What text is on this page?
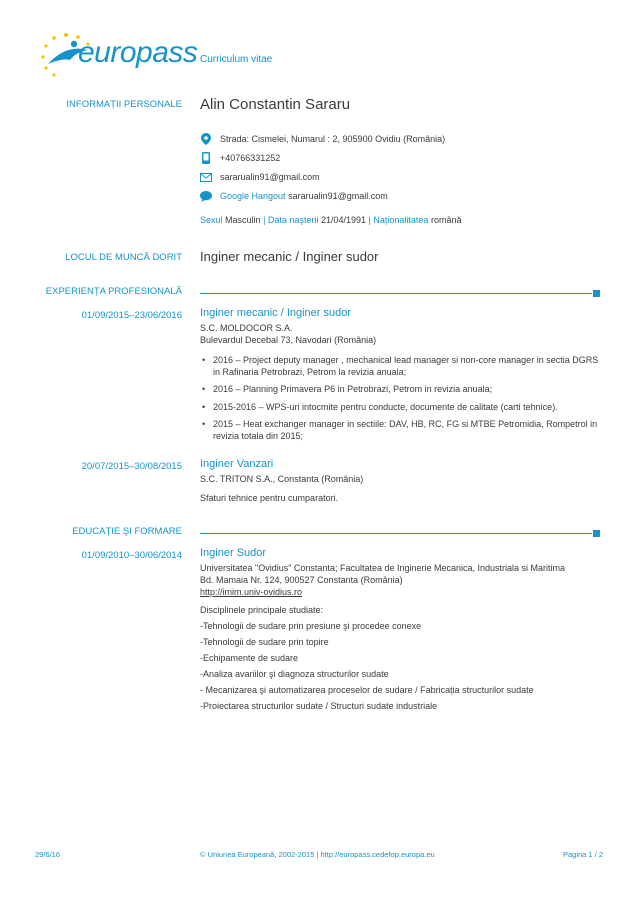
europass Curriculum vitae
INFORMAȚII PERSONALE Alin Constantin Sararu
Strada: Cismelei, Numarul : 2, 905900 Ovidiu (România)
+40766331252
sararualin91@gmail.com
Google Hangout sararualin91@gmail.com
Sexul Masculin | Data naşterii 21/04/1991 | Naționalitatea română
LOCUL DE MUNCĂ DORIT Inginer mecanic / Inginer sudor
EXPERIENȚA PROFESIONALĂ
01/09/2015–23/06/2016 Inginer mecanic / Inginer sudor
S.C. MOLDOCOR S.A.
Bulevardul Decebal 73, Navodari (România)
• 2016 – Project deputy manager , mechanical lead manager si non-core manager in sectia DGRS in Rafinaria Petrobrazi, Petrom la revizia anuala;
• 2016 – Planning Primavera P6 in Petrobrazi, Petrom in revizia anuala;
• 2015-2016 – WPS-uri intocmite pentru conducte, documente de calitate (carti tehnice).
• 2015 – Heat exchanger manager in sectiile: DAV, HB, RC, FG si MTBE Petromidia, Rompetrol in revizia totala din 2015;
20/07/2015–30/08/2015 Inginer Vanzari
S.C. TRITON S.A., Constanta (România)
Sfaturi tehnice pentru cumparatori.
EDUCAȚIE ŞI FORMARE
01/09/2010–30/06/2014 Inginer Sudor
Universitatea "Ovidius" Constanta; Facultatea de Inginerie Mecanica, Industriala si Maritima
Bd. Mamaia Nr. 124, 900527 Constanta (România)
http://imim.univ-ovidius.ro
Disciplinele principale studiate:
-Tehnologii de sudare prin presiune şi procedee conexe
-Tehnologii de sudare prin topire
-Echipamente de sudare
-Analiza avariilor şi diagnoza structurilor sudate
- Mecanizarea şi automatizarea proceselor de sudare / Fabricația structurilor sudate
-Proiectarea structurilor sudate / Structuri sudate industriale
29/6/16	© Uniunea Europeană, 2002-2015 | http://europass.cedefop.europa.eu	Pagina 1 / 2
